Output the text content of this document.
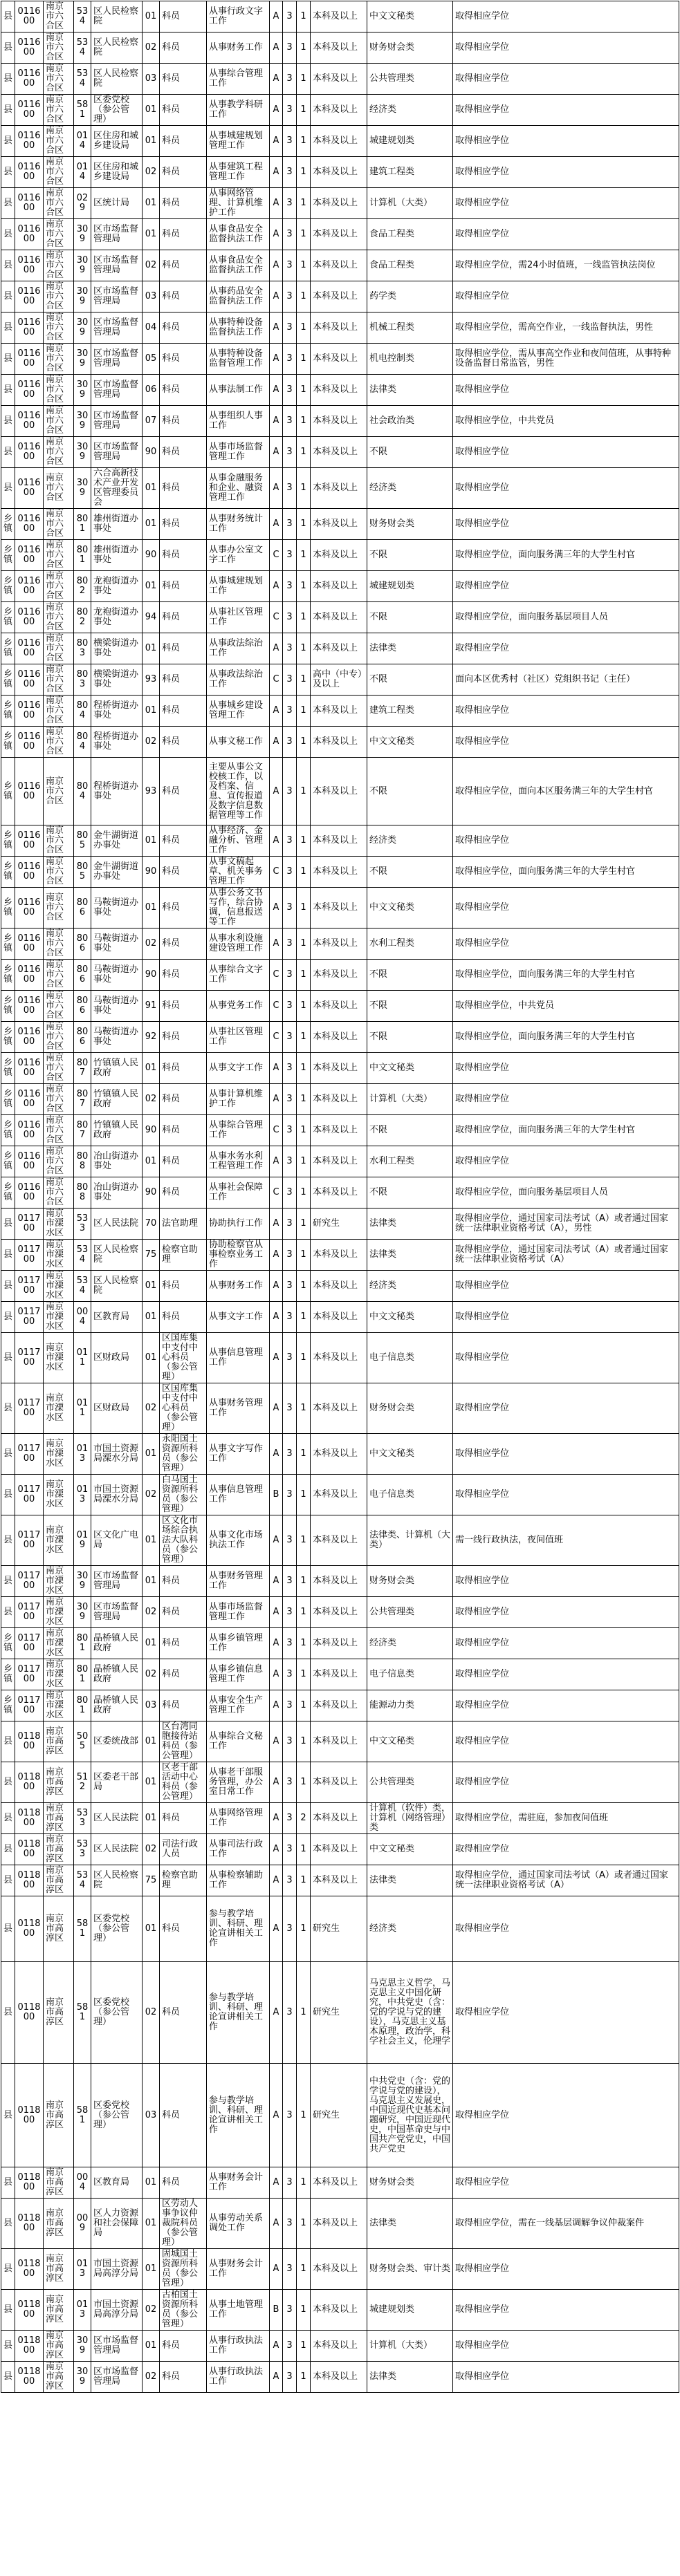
县	011600	南京市六合区	534	区人民检察院	01	科员	从事行政文字工作	A	3	1	本科及以上	中文文秘类	取得相应学位
县	011600	南京市六合区	534	区人民检察院	02	科员	从事财务工作	A	3	1	本科及以上	财务财会类	取得相应学位
县	011600	南京市六合区	534	区人民检察院	03	科员	从事综合管理工作	A	3	1	本科及以上	公共管理类	取得相应学位
县	011600	南京市六合区	581	区委党校（参公管理）	01	科员	从事教学科研工作	A	3	1	本科及以上	经济类	取得相应学位
县	011600	南京市六合区	014	区住房和城乡建设局	01	科员	从事城建规划管理工作	A	3	1	本科及以上	城建规划类	取得相应学位
县	011600	南京市六合区	014	区住房和城乡建设局	02	科员	从事建筑工程管理工作	A	3	1	本科及以上	建筑工程类	取得相应学位
县	011600	南京市六合区	029	区统计局	01	科员	从事网络管理、计算机维护工作	A	3	1	本科及以上	计算机（大类）	取得相应学位
县	011600	南京市六合区	309	区市场监督管理局	01	科员	从事食品安全监督执法工作	A	3	1	本科及以上	食品工程类	取得相应学位
县	011600	南京市六合区	309	区市场监督管理局	02	科员	从事食品安全监督执法工作	A	3	1	本科及以上	食品工程类	取得相应学位，需24小时值班，一线监管执法岗位
县	011600	南京市六合区	309	区市场监督管理局	03	科员	从事药品安全监督执法工作	A	3	1	本科及以上	药学类	取得相应学位
县	011600	南京市六合区	309	区市场监督管理局	04	科员	从事特种设备监督执法工作	A	3	1	本科及以上	机械工程类	取得相应学位，需高空作业，一线监督执法，男性
县	011600	南京市六合区	309	区市场监督管理局	05	科员	从事特种设备监督管理工作	A	3	1	本科及以上	机电控制类	取得相应学位，需从事高空作业和夜间值班，从事特种设备监督日常监管，男性
县	011600	南京市六合区	309	区市场监督管理局	06	科员	从事法制工作	A	3	1	本科及以上	法律类	取得相应学位
县	011600	南京市六合区	309	区市场监督管理局	07	科员	从事组织人事工作	A	3	1	本科及以上	社会政治类	取得相应学位，中共党员
县	011600	南京市六合区	309	区市场监督管理局	90	科员	从事市场监督管理工作	A	3	1	本科及以上	不限	取得相应学位
县	011600	南京市六合区	309	六合高新技术产业开发区管理委员会	01	科员	从事金融服务和企业、融资管理工作	A	3	1	本科及以上	经济类	取得相应学位
乡镇	011600	南京市六合区	801	雄州街道办事处	01	科员	从事财务统计工作	A	3	1	本科及以上	财务财会类	取得相应学位
乡镇	011600	南京市六合区	801	雄州街道办事处	90	科员	从事办公室文字工作	C	3	1	本科及以上	不限	取得相应学位，面向服务满三年的大学生村官
乡镇	011600	南京市六合区	802	龙袍街道办事处	01	科员	从事城建规划工作	A	3	1	本科及以上	城建规划类	取得相应学位
乡镇	011600	南京市六合区	802	龙袍街道办事处	94	科员	从事社区管理工作	C	3	1	本科及以上	不限	取得相应学位，面向服务基层项目人员
乡镇	011600	南京市六合区	803	横梁街道办事处	01	科员	从事政法综治工作	A	3	1	本科及以上	法律类	取得相应学位
乡镇	011600	南京市六合区	803	横梁街道办事处	93	科员	从事政法综治工作	C	3	1	高中（中专）及以上	不限	面向本区优秀村（社区）党组织书记（主任）
乡镇	011600	南京市六合区	804	程桥街道办事处	01	科员	从事城乡建设管理工作	A	3	1	本科及以上	建筑工程类	取得相应学位
乡镇	011600	南京市六合区	804	程桥街道办事处	02	科员	从事文秘工作	A	3	1	本科及以上	中文文秘类	取得相应学位
乡镇	011600	南京市六合区	804	程桥街道办事处	93	科员	主要从事公文校核工作，以及档案、信息、宣传报道及数字信息数据管理等工作	A	3	1	本科及以上	不限	取得相应学位，面向本区服务满三年的大学生村官
乡镇	011600	南京市六合区	805	金牛湖街道办事处	01	科员	从事经济、金融分析、管理工作	A	3	1	本科及以上	经济类	取得相应学位
乡镇	011600	南京市六合区	805	金牛湖街道办事处	90	科员	从事文稿起草、机关事务管理工作	C	3	1	本科及以上	不限	取得相应学位，面向服务满三年的大学生村官
乡镇	011600	南京市六合区	806	马鞍街道办事处	01	科员	从事公务文书写作，综合协调，信息报送等工作	A	3	1	本科及以上	中文文秘类	取得相应学位
乡镇	011600	南京市六合区	806	马鞍街道办事处	02	科员	从事水利设施建设管理工作	A	3	1	本科及以上	水利工程类	取得相应学位
乡镇	011600	南京市六合区	806	马鞍街道办事处	90	科员	从事综合文字工作	C	3	1	本科及以上	不限	取得相应学位，面向服务满三年的大学生村官
乡镇	011600	南京市六合区	806	马鞍街道办事处	91	科员	从事党务工作	C	3	1	本科及以上	不限	取得相应学位，中共党员
乡镇	011600	南京市六合区	806	马鞍街道办事处	92	科员	从事社区管理工作	C	3	1	本科及以上	不限	取得相应学位，面向服务满三年的大学生村官
乡镇	011600	南京市六合区	807	竹镇镇人民政府	01	科员	从事文字工作	A	3	1	本科及以上	中文文秘类	取得相应学位
乡镇	011600	南京市六合区	807	竹镇镇人民政府	02	科员	从事计算机维护工作	A	3	1	本科及以上	计算机（大类）	取得相应学位
乡镇	011600	南京市六合区	807	竹镇镇人民政府	90	科员	从事综合管理工作	C	3	1	本科及以上	不限	取得相应学位，面向服务满三年的大学生村官
乡镇	011600	南京市六合区	808	冶山街道办事处	01	科员	从事水务水利工程管理工作	A	3	1	本科及以上	水利工程类	取得相应学位
乡镇	011600	南京市六合区	808	冶山街道办事处	90	科员	从事社会保障工作	C	3	1	本科及以上	不限	取得相应学位，面向服务基层项目人员
县	011700	南京市溧水区	533	区人民法院	70	法官助理	协助执行工作	A	3	1	研究生	法律类	取得相应学位，通过国家司法考试（A）或者通过国家统一法律职业资格考试（A），男性
县	011700	南京市溧水区	534	区人民检察院	75	检察官助理	协助检察官从事检察业务工作	A	3	1	本科及以上	法律类	取得相应学位，通过国家司法考试（A）或者通过国家统一法律职业资格考试（A）
县	011700	南京市溧水区	534	区人民检察院	01	科员	从事财务工作	A	3	1	本科及以上	经济类	取得相应学位
县	011700	南京市溧水区	004	区教育局	01	科员	从事文字工作	A	3	1	本科及以上	中文文秘类	取得相应学位
县	011700	南京市溧水区	011	区财政局	01	区国库集中支付中心科员（参公管理）	从事信息管理工作	A	3	1	本科及以上	电子信息类	取得相应学位
县	011700	南京市溧水区	011	区财政局	02	区国库集中支付中心科员（参公管理）	从事财务管理工作	A	3	1	本科及以上	财务财会类	取得相应学位
县	011700	南京市溧水区	013	市国土资源局溧水分局	01	永阳国土资源所科员（参公管理）	从事文字写作工作	A	3	1	本科及以上	中文文秘类	取得相应学位
县	011700	南京市溧水区	013	市国土资源局溧水分局	02	白马国土资源所科员（参公管理）	从事信息管理工作	B	3	1	本科及以上	电子信息类	取得相应学位
县	011700	南京市溧水区	019	区文化广电局	01	区文化市场综合执法大队科员（参公管理）	从事文化市场执法工作	A	3	1	本科及以上	法律类、计算机（大类）	需一线行政执法，夜间值班
县	011700	南京市溧水区	309	区市场监督管理局	01	科员	从事财务管理工作	A	3	1	本科及以上	财务财会类	取得相应学位
县	011700	南京市溧水区	309	区市场监督管理局	02	科员	从事市场监督管理工作	A	3	1	本科及以上	公共管理类	取得相应学位
乡镇	011700	南京市溧水区	801	晶桥镇人民政府	01	科员	从事乡镇管理工作	A	3	1	本科及以上	经济类	取得相应学位
乡镇	011700	南京市溧水区	801	晶桥镇人民政府	02	科员	从事乡镇信息管理工作	A	3	1	本科及以上	电子信息类	取得相应学位
乡镇	011700	南京市溧水区	801	晶桥镇人民政府	03	科员	从事安全生产管理工作	A	3	1	本科及以上	能源动力类	取得相应学位
县	011800	南京市高淳区	505	区委统战部	01	区台湾同胞接待站科员（参公管理）	从事综合文秘工作	A	3	1	本科及以上	中文文秘类	取得相应学位
县	011800	南京市高淳区	512	区委老干部局	01	区老干部活动中心科员（参公管理）	从事老干部服务管理，办公室日常工作	A	3	1	本科及以上	公共管理类	取得相应学位
县	011800	南京市高淳区	533	区人民法院	01	科员	从事网络管理工作	A	3	2	本科及以上	计算机（软件）类，计算机（网络管理）类	取得相应学位，需驻庭，参加夜间值班
县	011800	南京市高淳区	533	区人民法院	02	司法行政人员	从事司法行政工作	A	3	1	本科及以上	中文文秘类	取得相应学位
县	011800	南京市高淳区	534	区人民检察院	75	检察官助理	从事检察辅助工作	A	3	1	本科及以上	法律类	取得相应学位，通过国家司法考试（A）或者通过国家统一法律职业资格考试（A）
县	011800	南京市高淳区	581	区委党校（参公管理）	01	科员	参与教学培训、科研、理论宣讲相关工作	A	3	1	研究生	经济类	取得相应学位
县	011800	南京市高淳区	581	区委党校（参公管理）	02	科员	参与教学培训、科研、理论宣讲相关工作	A	3	1	研究生	马克思主义哲学，马克思主义中国化研究，中共党史（含：党的学说与党的建设），马克思主义基本原理，政治学，科学社会主义，伦理学	取得相应学位
县	011800	南京市高淳区	581	区委党校（参公管理）	03	科员	参与教学培训、科研、理论宣讲相关工作	A	3	1	研究生	中共党史（含：党的学说与党的建设），马克思主义发展史，中国近现代史基本问题研究，中国近现代史，中国革命史与中国共产党党史，中国共产党史	取得相应学位
县	011800	南京市高淳区	004	区教育局	01	科员	从事财务会计工作	A	3	1	本科及以上	财务财会类	取得相应学位
县	011800	南京市高淳区	009	区人力资源和社会保障局	01	区劳动人事争议仲裁院科员（参公管理）	从事劳动关系调处工作	A	3	1	本科及以上	法律类	取得相应学位，需在一线基层调解争议仲裁案件
县	011800	南京市高淳区	013	市国土资源局高淳分局	01	固城国土资源所科员（参公管理）	从事财务会计工作	A	3	1	本科及以上	财务财会类、审计类	取得相应学位
县	011800	南京市高淳区	013	市国土资源局高淳分局	02	古柏国土资源所科员（参公管理）	从事土地管理工作	B	3	1	本科及以上	城建规划类	取得相应学位
县	011800	南京市高淳区	309	区市场监督管理局	01	科员	从事行政执法工作	A	3	1	本科及以上	计算机（大类）	取得相应学位
县	011800	南京市高淳区	309	区市场监督管理局	02	科员	从事行政执法工作	A	3	1	本科及以上	法律类	取得相应学位
